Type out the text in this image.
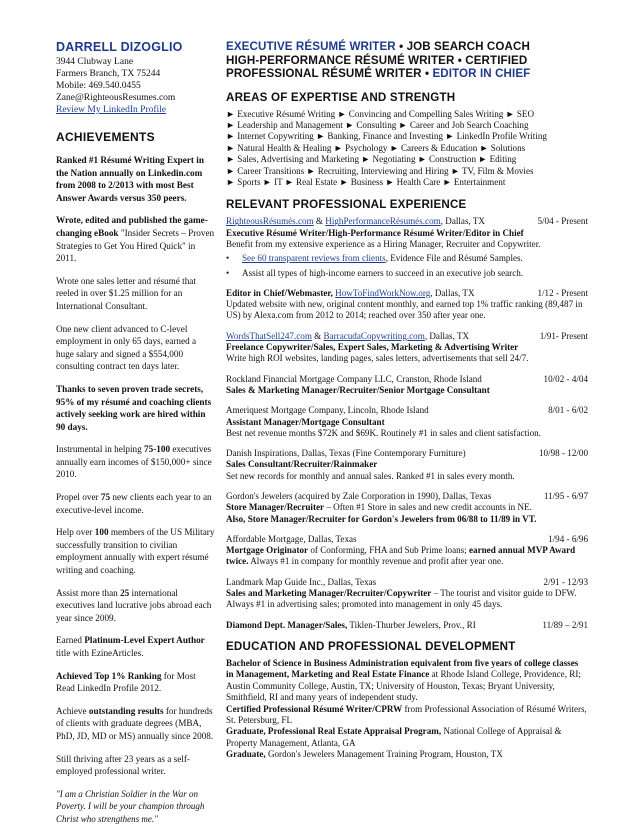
DARRELL DIZOGLIO
3944 Clubway Lane
Farmers Branch, TX 75244
Mobile: 469.540.0455
Zane@RighteousResumes.com
Review My LinkedIn Profile
ACHIEVEMENTS

Ranked #1 Résumé Writing Expert in the Nation annually on Linkedin.com from 2008 to 2/2013 with most Best Answer Awards versus 350 peers.

Wrote, edited and published the game-changing eBook "Insider Secrets – Proven Strategies to Get You Hired Quick" in 2011.

Wrote one sales letter and résumé that reeled in over $1.25 million for an International Consultant.

One new client advanced to C-level employment in only 65 days, earned a huge salary and signed a $554,000 consulting contract ten days later.

Thanks to seven proven trade secrets, 95% of my résumé and coaching clients actively seeking work are hired within 90 days.

Instrumental in helping 75-100 executives annually earn incomes of $150,000+ since 2010.

Propel over 75 new clients each year to an executive-level income.

Help over 100 members of the US Military successfully transition to civilian employment annually with expert résumé writing and coaching.

Assist more than 25 international executives land lucrative jobs abroad each year since 2009.

Earned Platinum-Level Expert Author title with EzineArticles.

Achieved Top 1% Ranking for Most Read LinkedIn Profile 2012.

Achieve outstanding results for hundreds of clients with graduate degrees (MBA, PhD, JD, MD or MS) annually since 2008.

Still thriving after 23 years as a self-employed professional writer.

"I am a Christian Soldier in the War on Poverty. I will be your champion through Christ who strengthens me."

EXECUTIVE RÉSUMÉ WRITER • JOB SEARCH COACH
HIGH-PERFORMANCE RÉSUMÉ WRITER • CERTIFIED
PROFESSIONAL RÉSUMÉ WRITER • EDITOR IN CHIEF
AREAS OF EXPERTISE AND STRENGTH
► Executive Résumé Writing ► Convincing and Compelling Sales Writing ► SEO
► Leadership and Management ► Consulting ► Career and Job Search Coaching
► Internet Copywriting ► Banking, Finance and Investing ► LinkedIn Profile Writing
► Natural Health & Healing ► Psychology ► Careers & Education ► Solutions
► Sales, Advertising and Marketing ► Negotiating ► Construction ► Editing
► Career Transitions ► Recruiting, Interviewing and Hiring ► TV, Film & Movies
► Sports ► IT ► Real Estate ► Business ► Health Care ► Entertainment
RELEVANT PROFESSIONAL EXPERIENCE
RighteousRésumés.com & HighPerformanceRésumés.com, Dallas, TX	5/04 - Present
Executive Résumé Writer/High-Performance Résumé Writer/Editor in Chief
Benefit from my extensive experience as a Hiring Manager, Recruiter and Copywriter.
•	See 60 transparent reviews from clients, Evidence File and Résumé Samples.
•	Assist all types of high-income earners to succeed in an executive job search.
Editor in Chief/Webmaster, HowToFindWorkNow.org, Dallas, TX	1/12 - Present
Updated website with new, original content monthly, and earned top 1% traffic ranking (89,487 in US) by Alexa.com from 2012 to 2014; reached over 350 after year one.
WordsThatSell247.com & BarracudaCopywriting.com, Dallas, TX	1/91- Present
Freelance Copywriter/Sales, Expert Sales, Marketing & Advertising Writer
Write high ROI websites, landing pages, sales letters, advertisements that sell 24/7.
Rockland Financial Mortgage Company LLC, Cranston, Rhode Island	10/02 - 4/04
Sales & Marketing Manager/Recruiter/Senior Mortgage Consultant
Ameriquest Mortgage Company, Lincoln, Rhode Island	8/01 - 6/02
Assistant Manager/Mortgage Consultant
Best net revenue months $72K and $69K. Routinely #1 in sales and client satisfaction.
Danish Inspirations, Dallas, Texas (Fine Contemporary Furniture)	10/98 - 12/00
Sales Consultant/Recruiter/Rainmaker
Set new records for monthly and annual sales. Ranked #1 in sales every month.
Gordon's Jewelers (acquired by Zale Corporation in 1990), Dallas, Texas	11/95 - 6/97
Store Manager/Recruiter – Often #1 Store in sales and new credit accounts in NE.
Also, Store Manager/Recruiter for Gordon's Jewelers from 06/88 to 11/89 in VT.
Affordable Mortgage, Dallas, Texas	1/94 - 6/96
Mortgage Originator of Conforming, FHA and Sub Prime loans; earned annual MVP Award twice. Always #1 in company for monthly revenue and profit after year one.
Landmark Map Guide Inc., Dallas, Texas	2/91 - 12/93
Sales and Marketing Manager/Recruiter/Copywriter – The tourist and visitor guide to DFW. Always #1 in advertising sales; promoted into management in only 45 days.
Diamond Dept. Manager/Sales, Tiklen-Thurber Jewelers, Prov., RI	11/89 – 2/91
EDUCATION AND PROFESSIONAL DEVELOPMENT
Bachelor of Science in Business Administration equivalent from five years of college classes in Management, Marketing and Real Estate Finance at Rhode Island College, Providence, RI; Austin Community College, Austin, TX; University of Houston, Texas; Bryant University, Smithfield, RI and many years of independent study.
Certified Professional Résumé Writer/CPRW from Professional Association of Résumé Writers, St. Petersburg, FL
Graduate, Professional Real Estate Appraisal Program, National College of Appraisal & Property Management, Atlanta, GA
Graduate, Gordon's Jewelers Management Training Program, Houston, TX
